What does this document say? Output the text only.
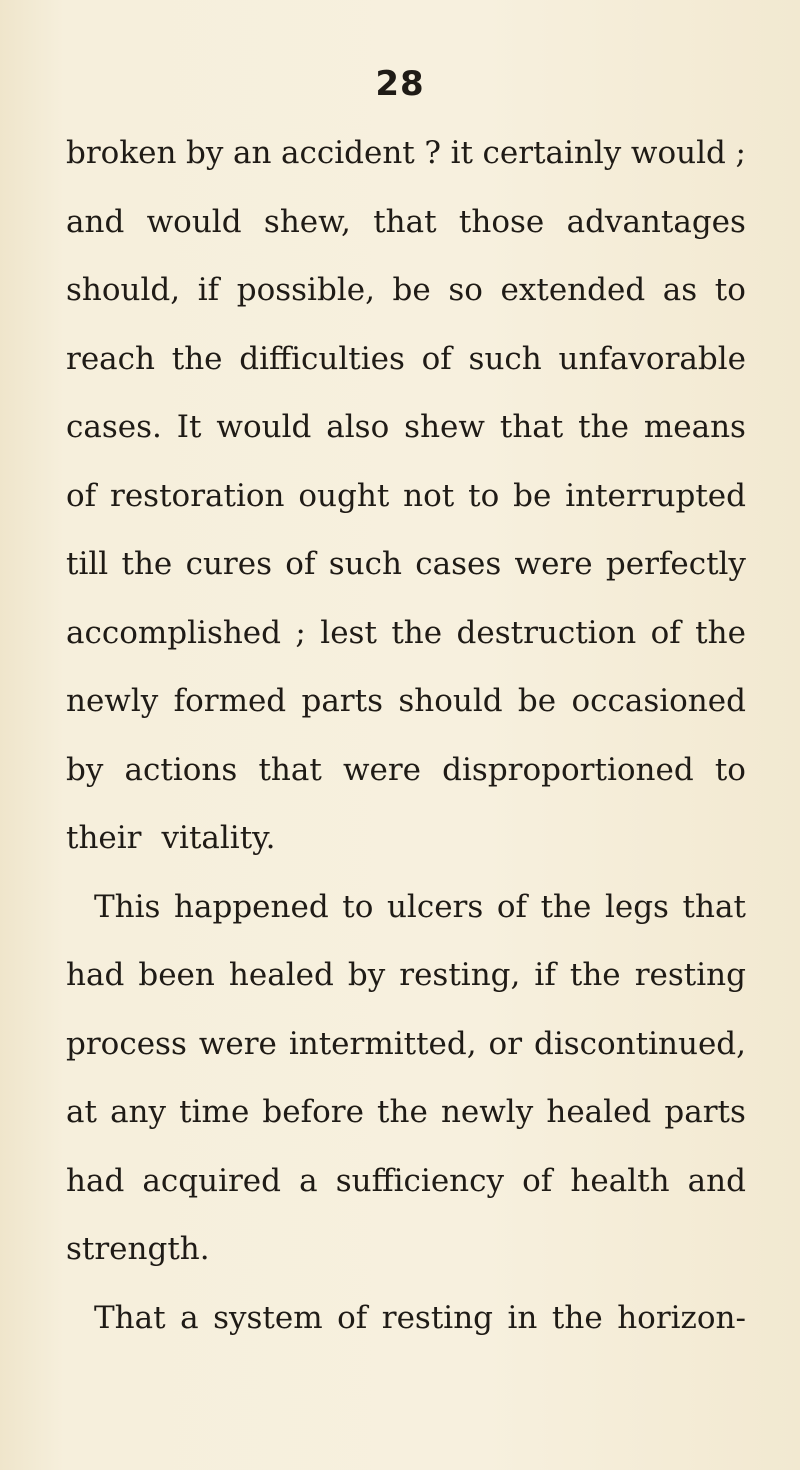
28
broken by an accident ? it certainly would ;
and would shew, that those advantages
should, if possible, be so extended as to
reach the difficulties of such unfavorable
cases. It would also shew that the means
of restoration ought not to be interrupted
till the cures of such cases were perfectly
accomplished ; lest the destruction of the
newly formed parts should be occasioned
by actions that were disproportioned to
their vitality.
This happened to ulcers of the legs that
had been healed by resting, if the resting
process were intermitted, or discontinued,
at any time before the newly healed parts
had acquired a sufficiency of health and
strength.
That a system of resting in the horizon-
